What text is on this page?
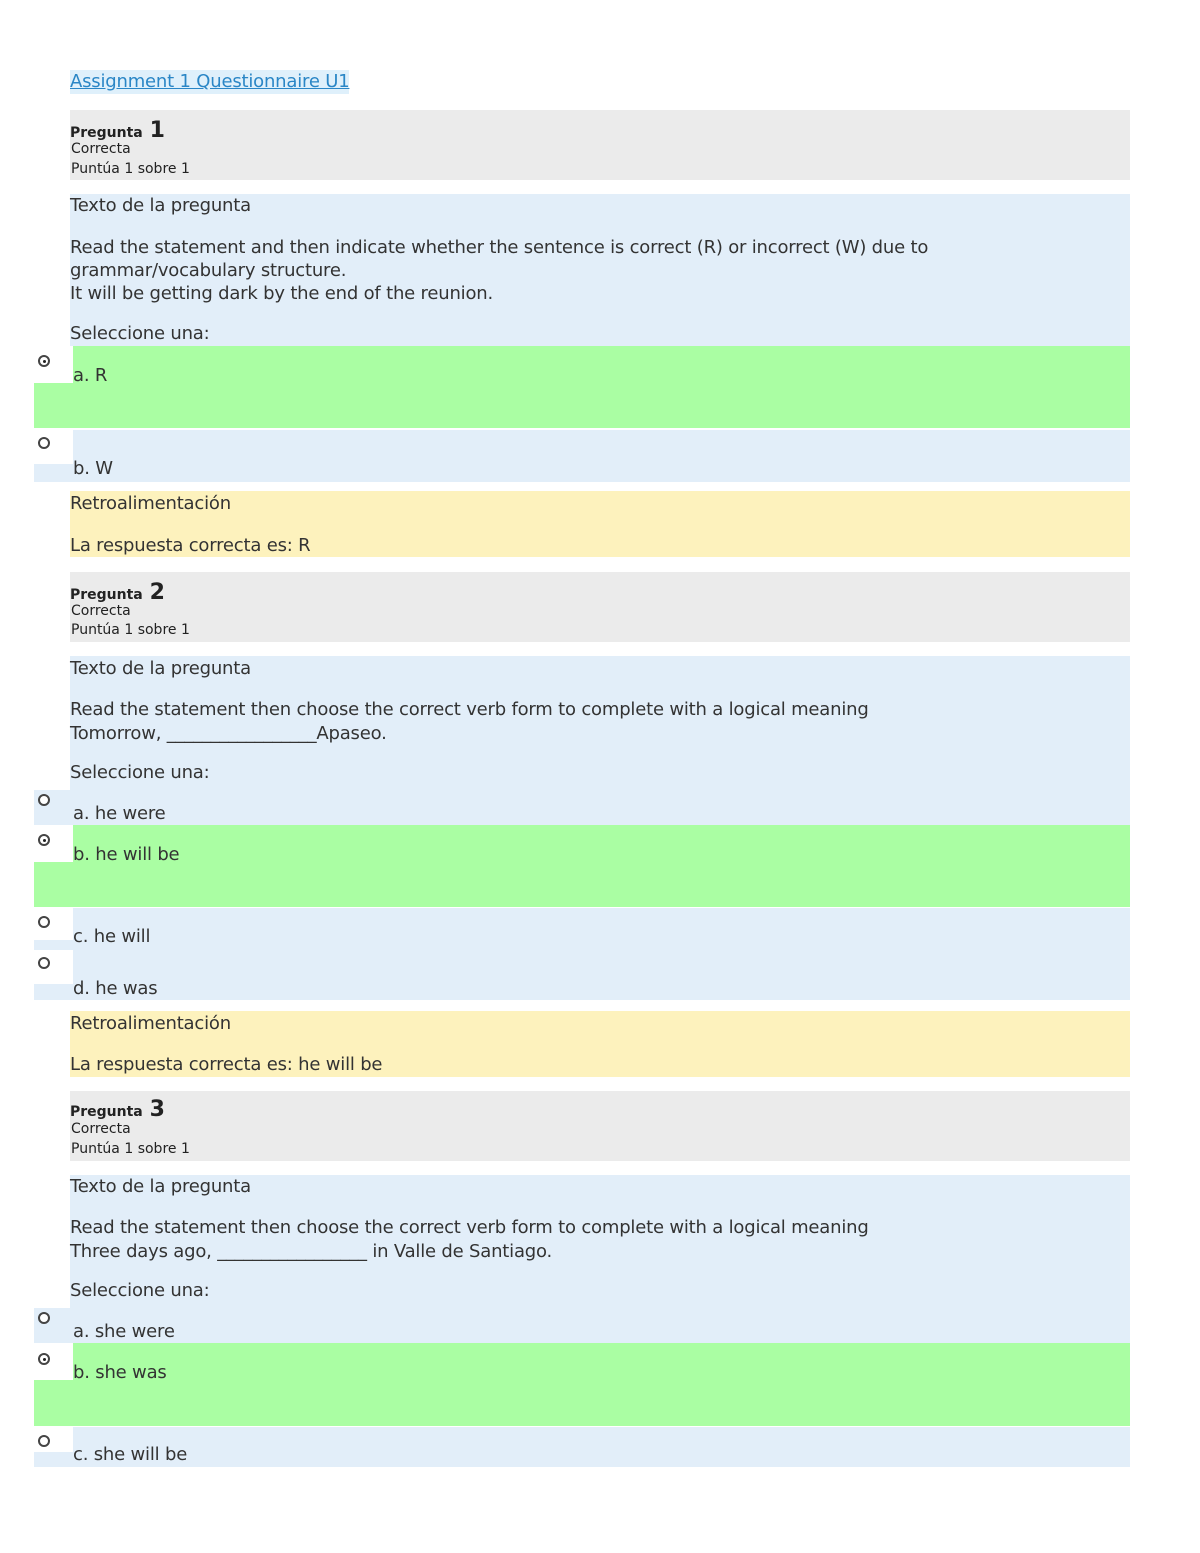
Assignment 1 Questionnaire U1
Pregunta 1
Correcta
Puntúa 1 sobre 1
Texto de la pregunta
Read the statement and then indicate whether the sentence is correct (R) or incorrect (W) due to
grammar/vocabulary structure.
It will be getting dark by the end of the reunion.
Seleccione una:
a. R
b. W
Retroalimentación
La respuesta correcta es: R
Pregunta 2
Correcta
Puntúa 1 sobre 1
Texto de la pregunta
Read the statement then choose the correct verb form to complete with a logical meaning
Tomorrow, _________________Apaseo.
Seleccione una:
a. he were
b. he will be
c. he will
d. he was
Retroalimentación
La respuesta correcta es: he will be
Pregunta 3
Correcta
Puntúa 1 sobre 1
Texto de la pregunta
Read the statement then choose the correct verb form to complete with a logical meaning
Three days ago, _________________ in Valle de Santiago.
Seleccione una:
a. she were
b. she was
c. she will be
